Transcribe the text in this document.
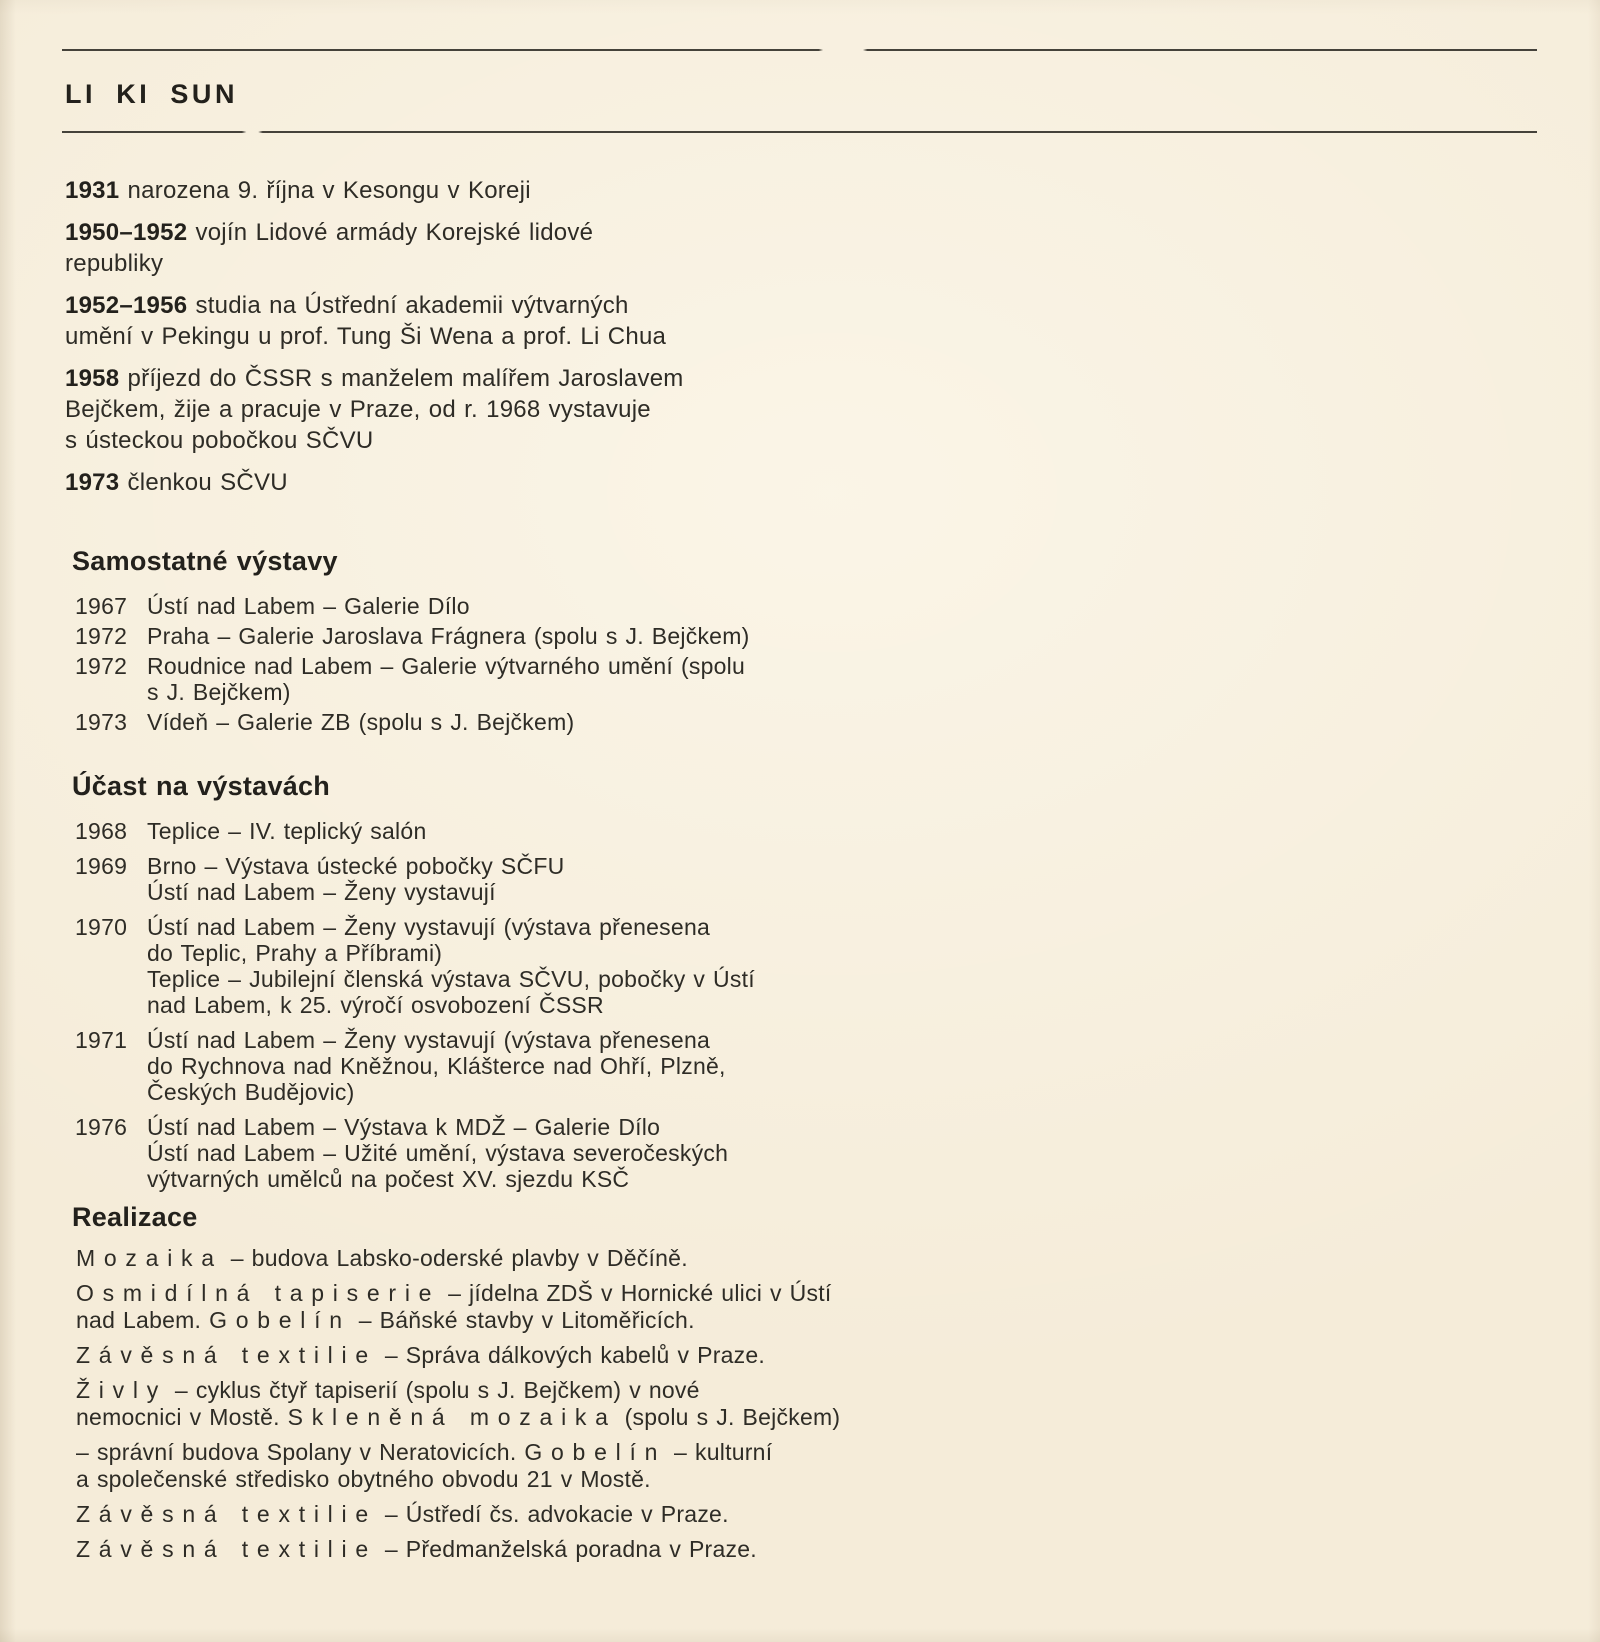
LI KI SUN

1931 narozena 9. října v Kesongu v Koreji

1950–1952 vojín Lidové armády Korejské lidové
republiky

1952–1956 studia na Ústřední akademii výtvarných
umění v Pekingu u prof. Tung Ši Wena a prof. Li Chua

1958 příjezd do ČSSR s manželem malířem Jaroslavem
Bejčkem, žije a pracuje v Praze, od r. 1968 vystavuje
s ústeckou pobočkou SČVU

1973 členkou SČVU

Samostatné výstavy
1967 Ústí nad Labem – Galerie Dílo
1972 Praha – Galerie Jaroslava Frágnera (spolu s J. Bejčkem)
1972 Roudnice nad Labem – Galerie výtvarného umění (spolu
s J. Bejčkem)
1973 Vídeň – Galerie ZB (spolu s J. Bejčkem)
Účast na výstavách
1968 Teplice – IV. teplický salón
1969 Brno – Výstava ústecké pobočky SČFU
Ústí nad Labem – Ženy vystavují
1970 Ústí nad Labem – Ženy vystavují (výstava přenesena
do Teplic, Prahy a Příbrami)
Teplice – Jubilejní členská výstava SČVU, pobočky v Ústí
nad Labem, k 25. výročí osvobození ČSSR
1971 Ústí nad Labem – Ženy vystavují (výstava přenesena
do Rychnova nad Kněžnou, Klášterce nad Ohří, Plzně,
Českých Budějovic)
1976 Ústí nad Labem – Výstava k MDŽ – Galerie Dílo
Ústí nad Labem – Užité umění, výstava severočeských
výtvarných umělců na počest XV. sjezdu KSČ
Realizace
Mozaika – budova Labsko-oderské plavby v Děčíně.
Osmidílná tapiserie – jídelna ZDŠ v Hornické ulici v Ústí
nad Labem. Gobelín – Báňské stavby v Litoměřicích.
Závěsná textilie – Správa dálkových kabelů v Praze.
Živly – cyklus čtyř tapiserií (spolu s J. Bejčkem) v nové
nemocnici v Mostě. Skleněná mozaika (spolu s J. Bejčkem)
– správní budova Spolany v Neratovicích. Gobelín – kulturní
a společenské středisko obytného obvodu 21 v Mostě.
Závěsná textilie – Ústředí čs. advokacie v Praze.
Závěsná textilie – Předmanželská poradna v Praze.
